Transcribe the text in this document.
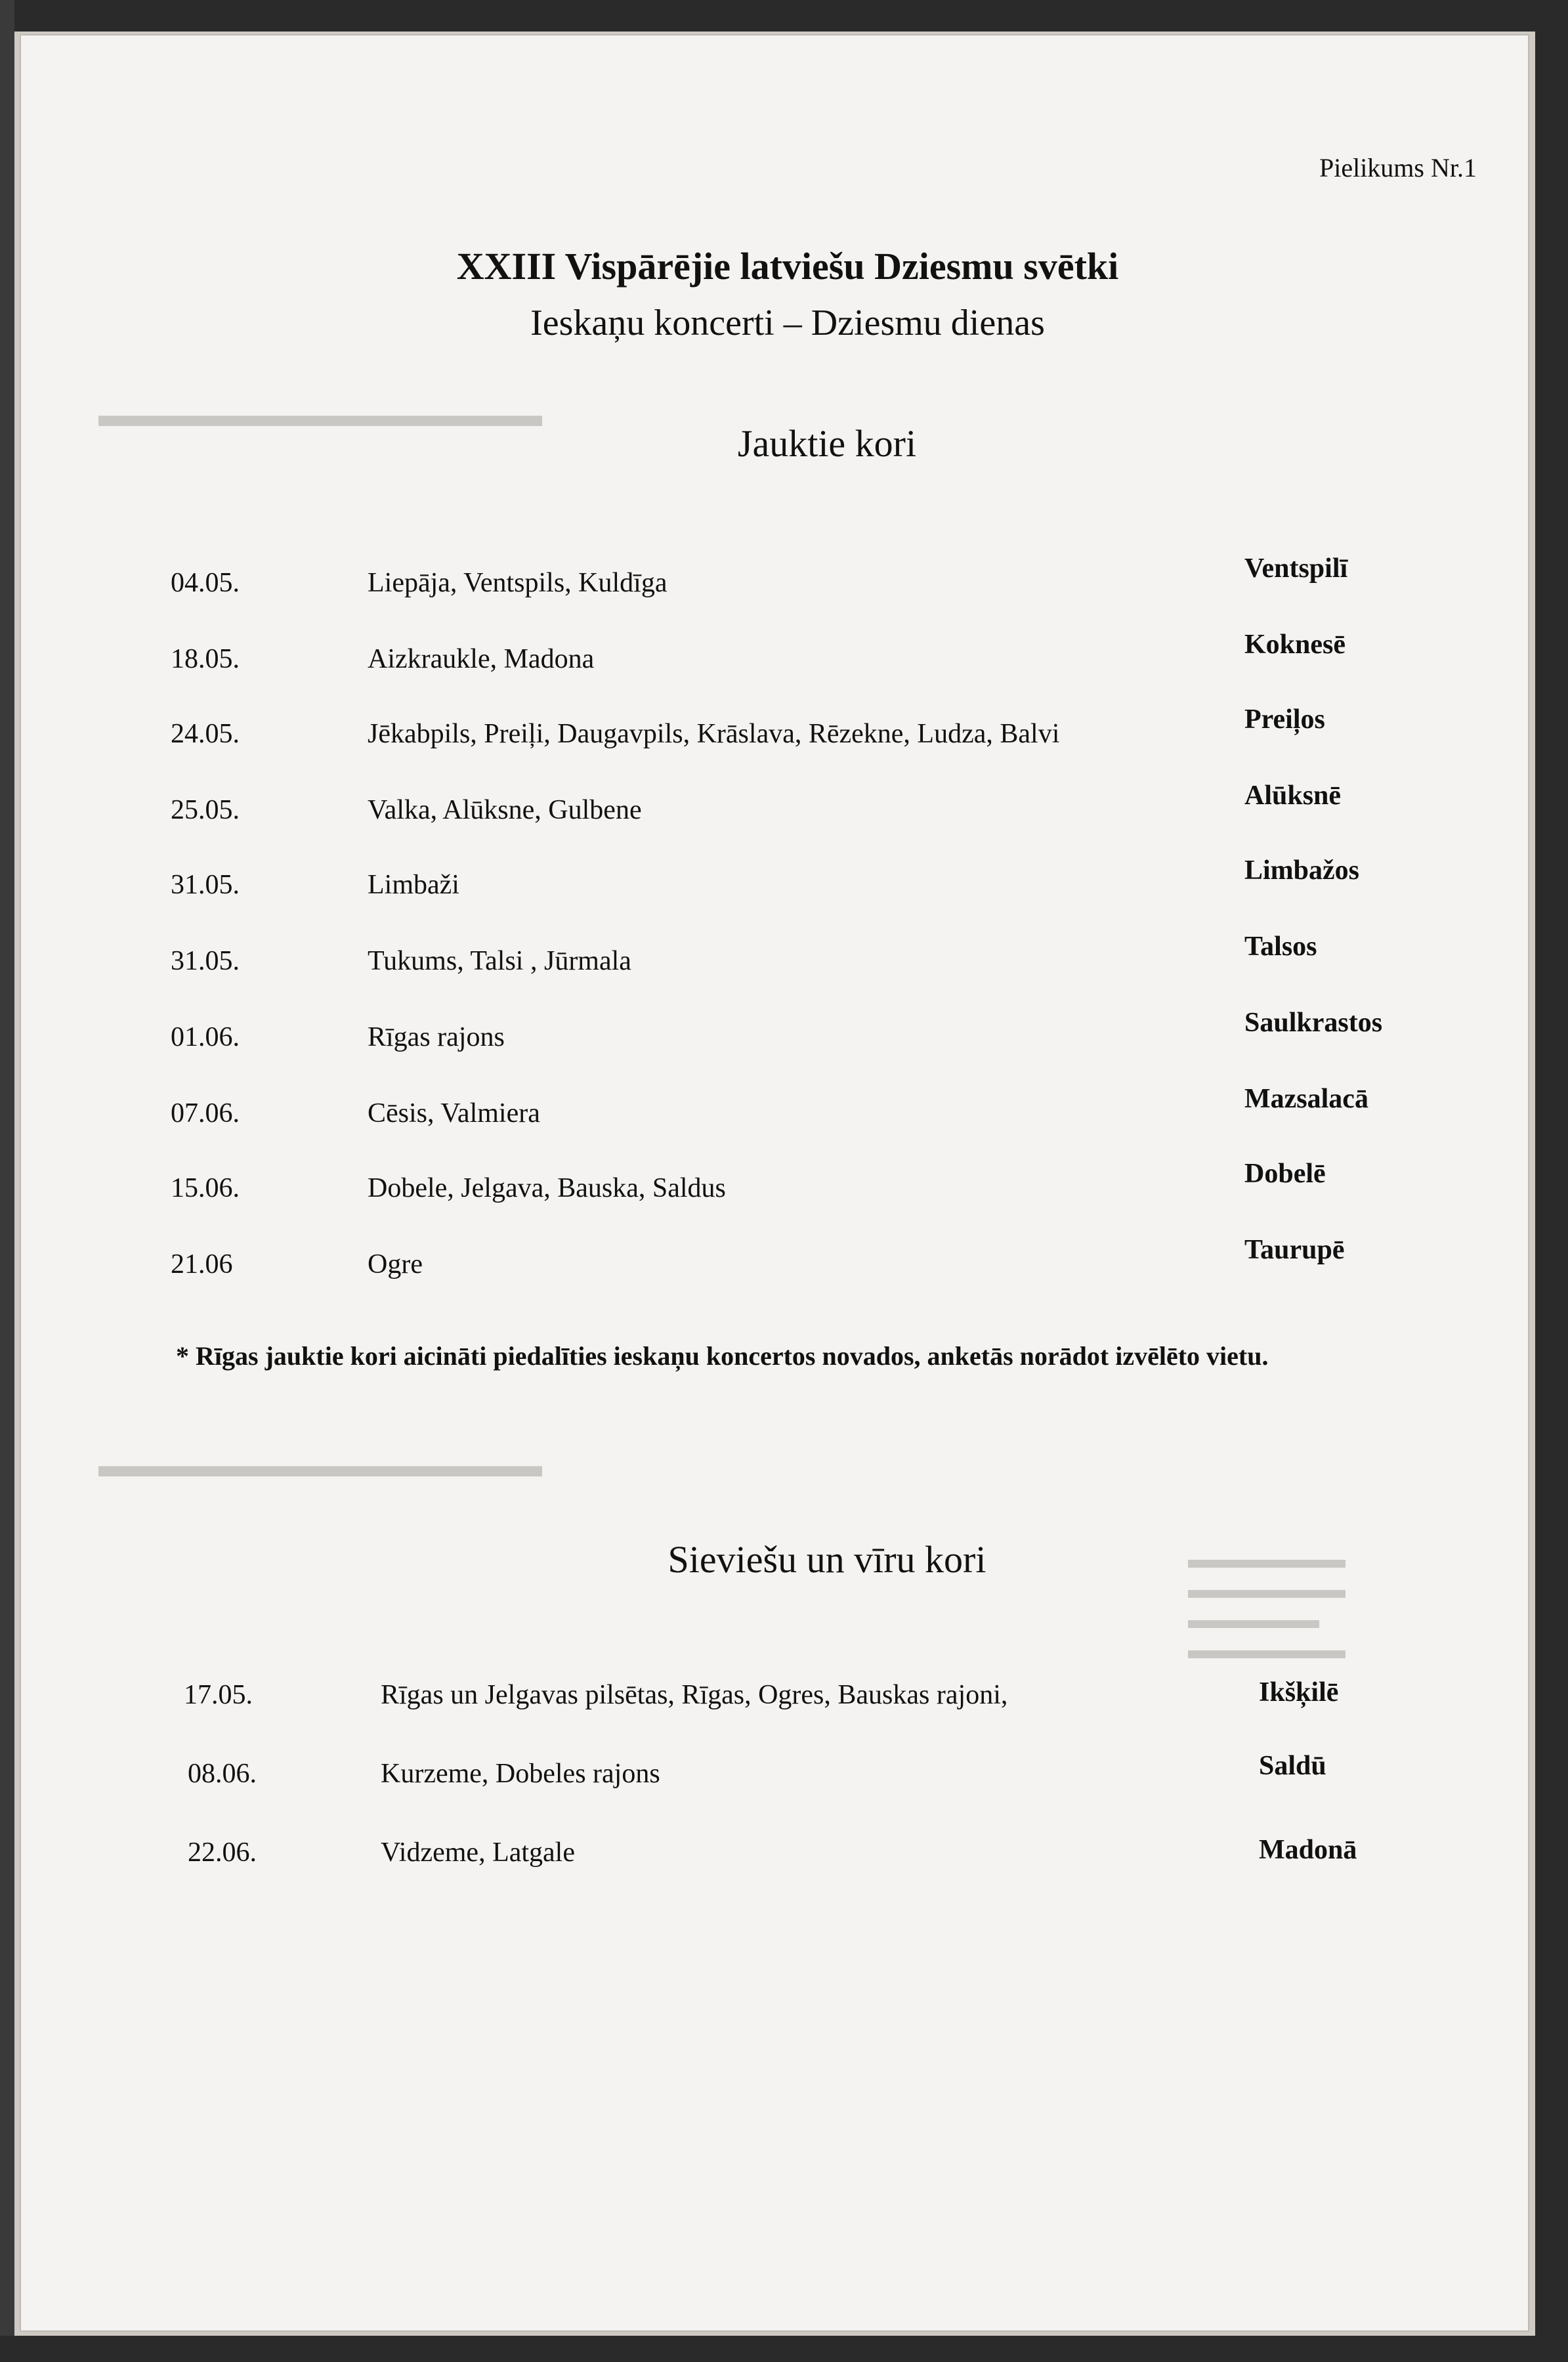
▬▬▬▬▬▬▬▬▬▬▬▬▬
▬▬▬▬▬▬▬▬▬▬▬▬▬
▬▬▬▬▬▬
▬▬▬▬▬▬
▬▬▬▬▬
▬▬▬▬▬▬
Pielikums Nr.1
XXIII Vispārējie latviešu Dziesmu svētki
Ieskaņu koncerti – Dziesmu dienas
Jauktie kori
04.05.	Liepāja, Ventspils, Kuldīga	Ventspilī
18.05.	Aizkraukle, Madona	Koknesē
24.05.	Jēkabpils, Preiļi, Daugavpils, Krāslava, Rēzekne, Ludza, Balvi	Preiļos
25.05.	Valka, Alūksne, Gulbene	Alūksnē
31.05.	Limbaži	Limbažos
31.05.	Tukums, Talsi , Jūrmala	Talsos
01.06.	Rīgas rajons	Saulkrastos
07.06.	Cēsis, Valmiera	Mazsalacā
15.06.	Dobele, Jelgava, Bauska, Saldus	Dobelē
21.06	Ogre	Taurupē
* Rīgas jauktie kori aicināti piedalīties ieskaņu koncertos novados, anketās norādot izvēlēto vietu.
Sieviešu un vīru kori
17.05.	Rīgas un Jelgavas pilsētas, Rīgas, Ogres, Bauskas rajoni,	Ikšķilē
08.06.	Kurzeme, Dobeles rajons	Saldū
22.06.	Vidzeme, Latgale	Madonā
